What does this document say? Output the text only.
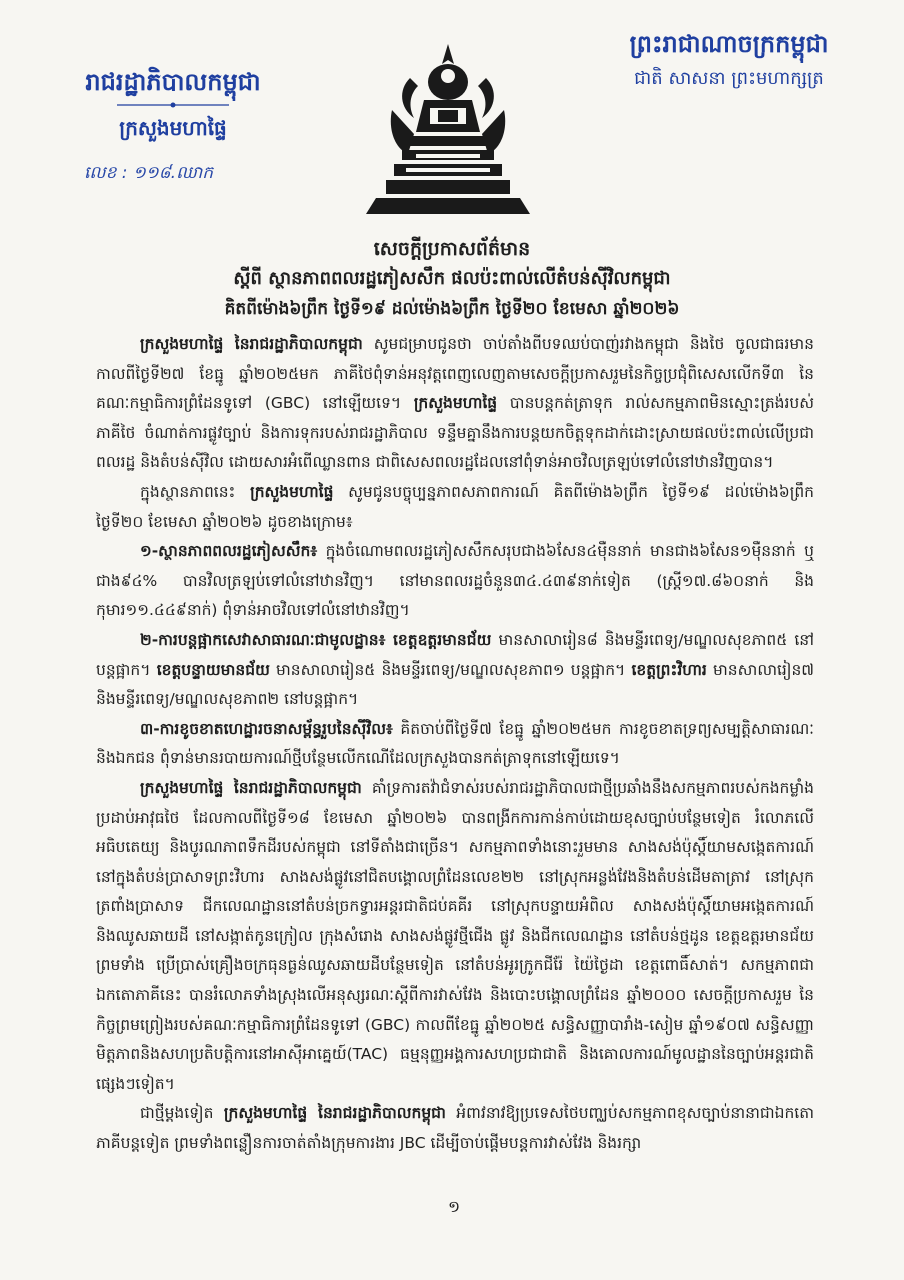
រាជរដ្ឋាភិបាលកម្ពុជា
ក្រសួងមហាផ្ទៃ
លេខ : ១១៨.ឈាក
ព្រះរាជាណាចក្រកម្ពុជា
ជាតិ សាសនា ព្រះមហាក្សត្រ
សេចក្ដីប្រកាសព័ត៌មាន
ស្ដីពី ស្ថានភាពពលរដ្ឋភៀសសឹក ផលប៉ះពាល់លើតំបន់ស៊ីវិលកម្ពុជា
គិតពីម៉ោង៦ព្រឹក ថ្ងៃទី១៩ ដល់ម៉ោង៦ព្រឹក ថ្ងៃទី២០ ខែមេសា ឆ្នាំ២០២៦

ក្រសួងមហាផ្ទៃ នៃរាជរដ្ឋាភិបាលកម្ពុជា សូមជម្រាបជូនថា ចាប់តាំងពីបទឈប់បាញ់រវាងកម្ពុជា និងថៃ ចូលជាធរមាន កាលពីថ្ងៃទី២៧ ខែធ្នូ ឆ្នាំ២០២៥មក ភាគីថៃពុំទាន់អនុវត្តពេញលេញតាមសេចក្ដីប្រកាសរួមនៃកិច្ចប្រជុំពិសេសលើកទី៣ នៃគណៈកម្មាធិការព្រំដែនទូទៅ (GBC) នៅឡើយទេ។ ក្រសួងមហាផ្ទៃ បានបន្តកត់ត្រាទុក រាល់សកម្មភាពមិនស្មោះត្រង់របស់ភាគីថៃ ចំណាត់ការផ្លូវច្បាប់ និងការទុករបស់រាជរដ្ឋាភិបាល ទន្ទឹមគ្នានឹងការបន្តយកចិត្តទុកដាក់ដោះស្រាយផលប៉ះពាល់លើប្រជាពលរដ្ឋ និងតំបន់ស៊ីវិល ដោយសារអំពើឈ្លានពាន ជាពិសេសពលរដ្ឋដែលនៅពុំទាន់អាចវិលត្រឡប់ទៅលំនៅឋានវិញបាន។

ក្នុងស្ថានភាពនេះ ក្រសួងមហាផ្ទៃ សូមជូនបច្ចុប្បន្នភាពសភាពការណ៍ គិតពីម៉ោង៦ព្រឹក ថ្ងៃទី១៩ ដល់ម៉ោង៦ព្រឹក ថ្ងៃទី២០ ខែមេសា ឆ្នាំ២០២៦ ដូចខាងក្រោម៖

១-ស្ថានភាពពលរដ្ឋភៀសសឹក៖ ក្នុងចំណោមពលរដ្ឋភៀសសឹកសរុបជាង៦សែន៤ម៉ឺននាក់ មានជាង៦សែន១ម៉ឺននាក់ ឬ ជាង៩៤% បានវិលត្រឡប់ទៅលំនៅឋានវិញ។ នៅមានពលរដ្ឋចំនួន៣៤.៤៣៩នាក់ទៀត (ស្ត្រី១៧.៨៦០នាក់ និងកុមារ១១.៤៤៩នាក់) ពុំទាន់អាចវិលទៅលំនៅឋានវិញ។

២-ការបន្តផ្អាកសេវាសាធារណៈជាមូលដ្ឋាន៖ ខេត្តឧត្តរមានជ័យ មានសាលារៀន៨ និងមន្ទីរពេទ្យ/មណ្ឌលសុខភាព៥ នៅបន្តផ្អាក។ ខេត្តបន្ទាយមានជ័យ មានសាលារៀន៥ និងមន្ទីរពេទ្យ/មណ្ឌលសុខភាព១ បន្តផ្អាក។ ខេត្តព្រះវិហារ មានសាលារៀន៧ និងមន្ទីរពេទ្យ/មណ្ឌលសុខភាព២ នៅបន្តផ្អាក។

៣-ការខូចខាតហេដ្ឋារចនាសម្ព័ន្ធរួបនៃស៊ីវិល៖ គិតចាប់ពីថ្ងៃទី៧ ខែធ្នូ ឆ្នាំ២០២៥មក ការខូចខាតទ្រព្យសម្បត្តិសាធារណៈ និងឯកជន ពុំទាន់មានរបាយការណ៍ថ្មីបន្ថែមលើកណើដែលក្រសួងបានកត់ត្រាទុកនៅឡើយទេ។

ក្រសួងមហាផ្ទៃ នៃរាជរដ្ឋាភិបាលកម្ពុជា គាំទ្រការតវ៉ាជំទាស់របស់រាជរដ្ឋាភិបាលជាថ្មីប្រឆាំងនឹងសកម្មភាពរបស់កងកម្លាំងប្រដាប់អាវុធថៃ ដែលកាលពីថ្ងៃទី១៨ ខែមេសា ឆ្នាំ២០២៦ បានពង្រីកការកាន់កាប់ដោយខុសច្បាប់បន្ថែមទៀត រំលោភលើអធិបតេយ្យ និងបូរណភាពទឹកដីរបស់កម្ពុជា នៅទីតាំងជាច្រើន។ សកម្មភាពទាំងនោះរួមមាន សាងសង់ប៉ុស្តិ៍យាមសង្កេតការណ៍នៅក្នុងតំបន់ប្រាសាទព្រះវិហារ សាងសង់ផ្លូវនៅជិតបង្គោលព្រំដែនលេខ២២ នៅស្រុកអន្លង់វែងនិងតំបន់ដើមតាត្រាវ នៅស្រុកត្រពាំងប្រាសាទ ជីកលេណដ្ឋាននៅតំបន់ច្រកទ្វារអន្តរជាតិជប់គគីរ នៅស្រុកបន្ទាយអំពិល សាងសង់ប៉ុស្តិ៍យាមអង្កេតការណ៍និងឈូសឆាយដី នៅសង្កាត់កូនក្រៀល ក្រុងសំរោង សាងសង់ផ្លូវថ្មីជើង ផ្លូវ និងជីកលេណដ្ឋាន នៅតំបន់ថ្មដូន ខេត្តឧត្តរមានជ័យ ព្រមទាំង ប្រើប្រាស់គ្រឿងចក្រធុនធ្ងន់ឈូសឆាយដីបន្ថែមទៀត នៅតំបន់អូរក្រូកជីរ៉ែ យ៉ៃថ្ងៃដា ខេត្តពោធិ៍សាត់។ សកម្មភាពជាឯកតោភាគីនេះ បានរំលោភទាំងស្រុងលើអនុស្សរណៈស្ដីពីការវាស់វែង និងបោះបង្គោលព្រំដែន ឆ្នាំ២០០០ សេចក្ដីប្រកាសរួម នៃកិច្ចព្រមព្រៀងរបស់គណៈកម្មាធិការព្រំដែនទូទៅ (GBC) កាលពីខែធ្នូ ឆ្នាំ២០២៥ សន្ធិសញ្ញាបារាំង-សៀម ឆ្នាំ១៩០៧ សន្ធិសញ្ញាមិត្តភាពនិងសហប្រតិបត្តិការនៅអាស៊ីអាគ្នេយ៍(TAC) ធម្មនុញ្ញអង្គការសហប្រជាជាតិ និងគោលការណ៍មូលដ្ឋាននៃច្បាប់អន្តរជាតិផ្សេងៗទៀត។

ជាថ្មីម្ដងទៀត ក្រសួងមហាផ្ទៃ នៃរាជរដ្ឋាភិបាលកម្ពុជា អំពាវនាវឱ្យប្រទេសថៃបញ្ឈប់សកម្មភាពខុសច្បាប់នានាជាឯកតោភាគីបន្តទៀត ព្រមទាំងពន្លឿនការចាត់តាំងក្រុមការងារ JBC ដើម្បីចាប់ផ្ដើមបន្តការវាស់វែង និងរក្សា

១
